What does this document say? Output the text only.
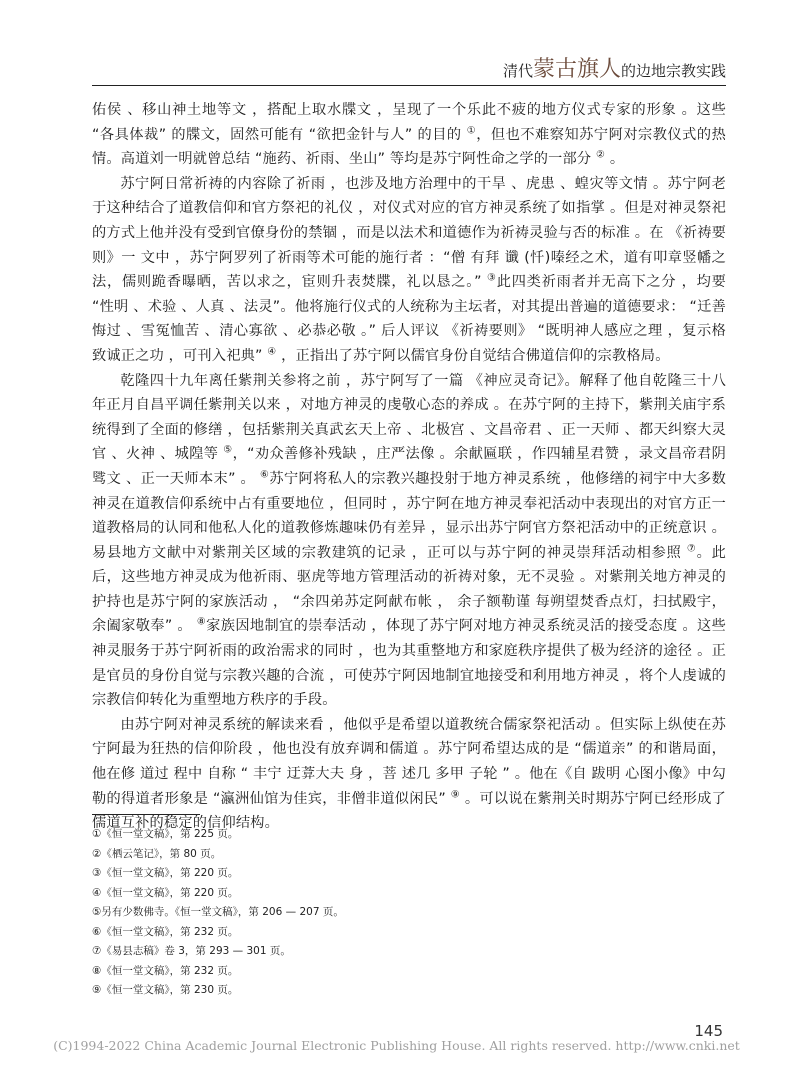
清代蒙古旗人的边地宗教实践

佑侯 、移山神土地等文 ，搭配上取水牒文 ，呈现了一个乐此不疲的地方仪式专家的形象 。这些 “各具体裁” 的牒文，固然可能有 “欲把金针与人” 的目的 ①，但也不难察知苏宁阿对宗教仪式的热情。高道刘一明就曾总结 “施药、祈雨、坐山” 等均是苏宁阿性命之学的一部分 ② 。

苏宁阿日常祈祷的内容除了祈雨 ，也涉及地方治理中的干旱 、虎患 、蝗灾等文情 。苏宁阿老于这种结合了道教信仰和官方祭祀的礼仪 ，对仪式对应的官方神灵系统了如指掌 。但是对神灵祭祀的方式上他并没有受到官僚身份的禁锢 ，而是以法术和道德作为祈祷灵验与否的标准 。在 《祈祷要则》一 文中 ，苏宁阿罗列了祈雨等术可能的施行者 ：“僧 有拜 谶 (忏)嗪经之术，道有叩章竖幡之法，儒则跪香曝晒，苦以求之，宦则升表焚牒，礼以恳之。” ③此四类祈雨者并无高下之分 ，均要 “性明 、术验 、人真 、法灵”。他将施行仪式的人统称为主坛者，对其提出普遍的道德要求： “迁善悔过 、雪冤恤苦 、清心寡欲 、必恭必敬 。” 后人评议 《祈祷要则》 “既明神人感应之理 ，复示格致诚正之功 ，可刊入祀典” ④ ，正指出了苏宁阿以儒官身份自觉结合佛道信仰的宗教格局。

乾隆四十九年离任紫荆关参将之前 ，苏宁阿写了一篇 《神应灵奇记》。解释了他自乾隆三十八年正月自昌平调任紫荆关以来 ，对地方神灵的虔敬心态的养成 。在苏宁阿的主持下，紫荆关庙宇系统得到了全面的修缮 ，包括紫荆关真武玄天上帝 、北极宫 、文昌帝君 、正一天师 、都天纠察大灵官 、火神 、城隍等 ⑤，“劝众善修补残缺 ，庄严法像 。余献匾联 ，作四辅星君赞 ，录文昌帝君阴骘文 、正一天师本末” 。 ⑥苏宁阿将私人的宗教兴趣投射于地方神灵系统 ，他修缮的祠宇中大多数神灵在道教信仰系统中占有重要地位 ，但同时 ，苏宁阿在地方神灵奉祀活动中表现出的对官方正一道教格局的认同和他私人化的道教修炼趣味仍有差异 ，显示出苏宁阿官方祭祀活动中的正统意识 。易县地方文献中对紫荆关区域的宗教建筑的记录 ，正可以与苏宁阿的神灵崇拜活动相参照 ⑦。此后，这些地方神灵成为他祈雨、驱虎等地方管理活动的祈祷对象，无不灵验 。对紫荆关地方神灵的护持也是苏宁阿的家族活动 ， “余四弟苏定阿献布帐 ， 余子额勒谨 每朔望焚香点灯，扫拭殿宇，余阖家敬奉” 。 ⑧家族因地制宜的崇奉活动 ，体现了苏宁阿对地方神灵系统灵活的接受态度 。这些神灵服务于苏宁阿祈雨的政治需求的同时 ，也为其重整地方和家庭秩序提供了极为经济的途径 。正是官员的身份自觉与宗教兴趣的合流 ，可使苏宁阿因地制宜地接受和利用地方神灵 ，将个人虔诚的宗教信仰转化为重塑地方秩序的手段。

由苏宁阿对神灵系统的解读来看 ，他似乎是希望以道教统合儒家祭祀活动 。但实际上纵使在苏宁阿最为狂热的信仰阶段 ，他也没有放弃调和儒道 。苏宁阿希望达成的是 “儒道亲” 的和谐局面，他在修 道过 程中 自称 “ 丰宁 迂葊大夫 身 ，菩 述几 多甲 子轮 ” 。他在《自 跋明 心图小像》中勾勒的得道者形象是 “瀛洲仙馆为佳宾，非僧非道似闲民” ⑨ 。可以说在紫荆关时期苏宁阿已经形成了儒道互补的稳定的信仰结构。

①《恒一堂文稿》，第 225 页。
②《栖云笔记》，第 80 页。
③《恒一堂文稿》，第 220 页。
④《恒一堂文稿》，第 220 页。
⑤另有少数佛寺。《恒一堂文稿》，第 206 — 207 页。
⑥《恒一堂文稿》，第 232 页。
⑦《易县志稿》卷 3，第 293 — 301 页。
⑧《恒一堂文稿》，第 232 页。
⑨《恒一堂文稿》，第 230 页。
145
(C)1994-2022 China Academic Journal Electronic Publishing House. All rights reserved. http://www.cnki.net
